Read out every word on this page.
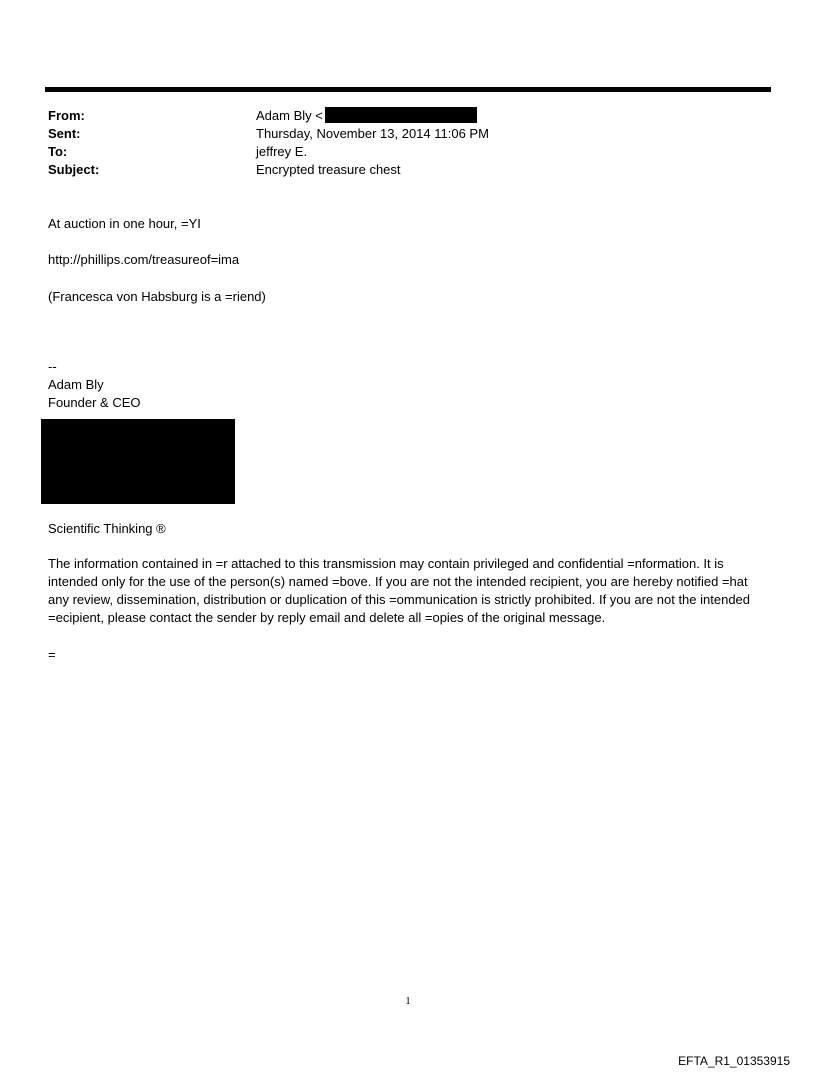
From:	Adam Bly <
Sent:	Thursday, November 13, 2014 11:06 PM
To:	jeffrey E.
Subject:	Encrypted treasure chest
At auction in one hour, =YI
http://phillips.com/treasureof=ima
(Francesca von Habsburg is a =riend)
--
Adam Bly
Founder & CEO
Scientific Thinking ®
The information contained in =r attached to this transmission may contain privileged and confidential =nformation. It is intended only for the use of the person(s) named =bove. If you are not the intended recipient, you are hereby notified =hat any review, dissemination, distribution or duplication of this =ommunication is strictly prohibited. If you are not the intended =ecipient, please contact the sender by reply email and delete all =opies of the original message.
=
1
EFTA_R1_01353915
